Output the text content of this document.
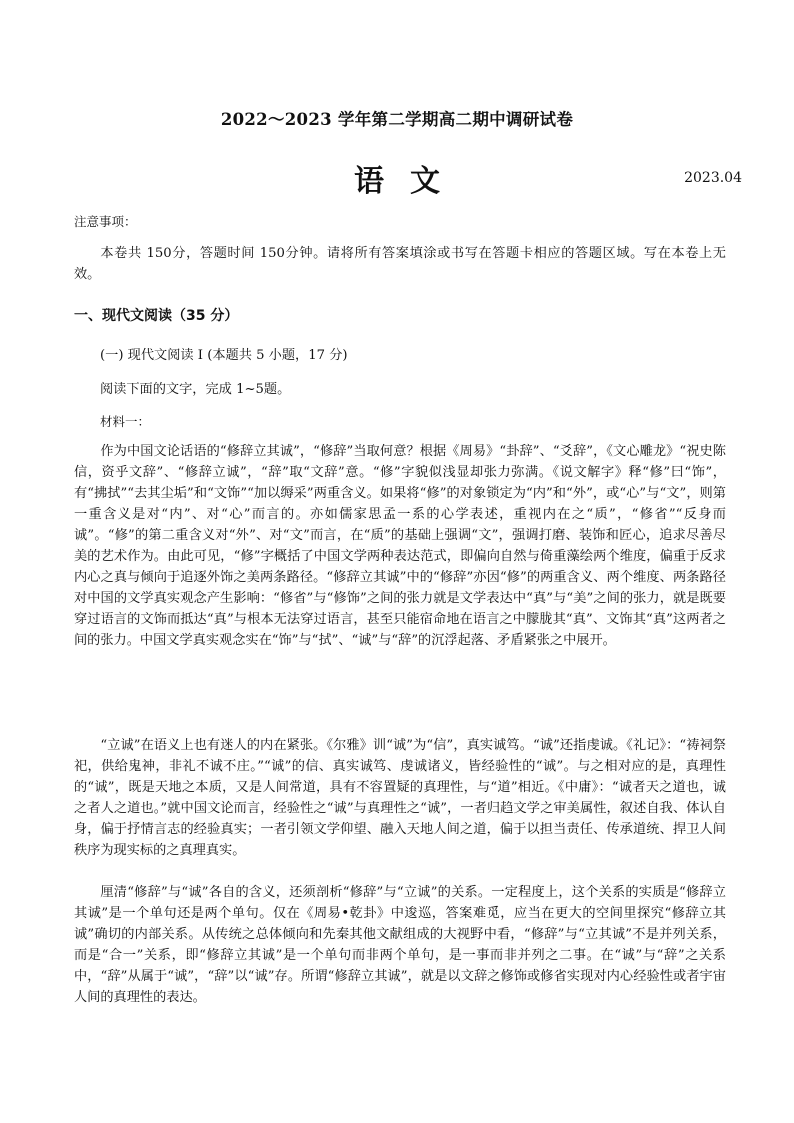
2022～2023 学年第二学期高二期中调研试卷
语文	2023.04
注意事项：
本卷共 150分，答题时间 150分钟。请将所有答案填涂或书写在答题卡相应的答题区域。写在本卷上无效。
一、现代文阅读（35 分）
(一) 现代文阅读 Ⅰ (本题共 5 小题，17 分)
阅读下面的文字，完成 1~5题。
材料一：
作为中国文论话语的“修辞立其诚”，“修辞”当取何意？根据《周易》“卦辞”、“爻辞”，《文心雕龙》“祝史陈信，资乎文辞”、“修辞立诚”，“辞”取“文辞”意。“修”字貌似浅显却张力弥满。《说文解字》释“修”曰“饰”，有“拂拭”“去其尘垢”和“文饰”“加以缛采”两重含义。如果将“修”的对象锁定为“内”和“外”，或“心”与“文”，则第一重含义是对“内”、对“心”而言的。亦如儒家思孟一系的心学表述，重视内在之“质”，“修省”“反身而诚”。“修”的第二重含义对“外”、对“文”而言，在“质”的基础上强调“文”，强调打磨、装饰和匠心，追求尽善尽美的艺术作为。由此可见，“修”字概括了中国文学两种表达范式，即偏向自然与倚重藻绘两个维度，偏重于反求内心之真与倾向于追逐外饰之美两条路径。“修辞立其诚”中的“修辞”亦因“修”的两重含义、两个维度、两条路径对中国的文学真实观念产生影响：“修省”与“修饰”之间的张力就是文学表达中“真”与“美”之间的张力，就是既要穿过语言的文饰而抵达“真”与根本无法穿过语言，甚至只能宿命地在语言之中朦胧其“真”、文饰其“真”这两者之间的张力。中国文学真实观念实在“饰”与“拭”、“诚”与“辞”的沉浮起落、矛盾紧张之中展开。
“立诚”在语义上也有迷人的内在紧张。《尔雅》训“诚”为“信”，真实诚笃。“诚”还指虔诚。《礼记》：“祷祠祭祀，供给鬼神，非礼不诚不庄。”“诚”的信、真实诚笃、虔诚诸义，皆经验性的“诚”。与之相对应的是，真理性的“诚”，既是天地之本质，又是人间常道，具有不容置疑的真理性，与“道”相近。《中庸》：“诚者天之道也，诚之者人之道也。”就中国文论而言，经验性之“诚”与真理性之“诚”，一者归趋文学之审美属性，叙述自我、体认自身，偏于抒情言志的经验真实；一者引领文学仰望、融入天地人间之道，偏于以担当责任、传承道统、捍卫人间秩序为现实标的之真理真实。
厘清“修辞”与“诚”各自的含义，还须剖析“修辞”与“立诚”的关系。一定程度上，这个关系的实质是“修辞立其诚”是一个单句还是两个单句。仅在《周易•乾卦》中逡巡，答案难觅，应当在更大的空间里探究“修辞立其诚”确切的内部关系。从传统之总体倾向和先秦其他文献组成的大视野中看，“修辞”与“立其诚”不是并列关系，而是“合一”关系，即“修辞立其诚”是一个单句而非两个单句，是一事而非并列之二事。在“诚”与“辞”之关系中，“辞”从属于“诚”，“辞”以“诚”存。所谓“修辞立其诚”，就是以文辞之修饰或修省实现对内心经验性或者宇宙人间的真理性的表达。
